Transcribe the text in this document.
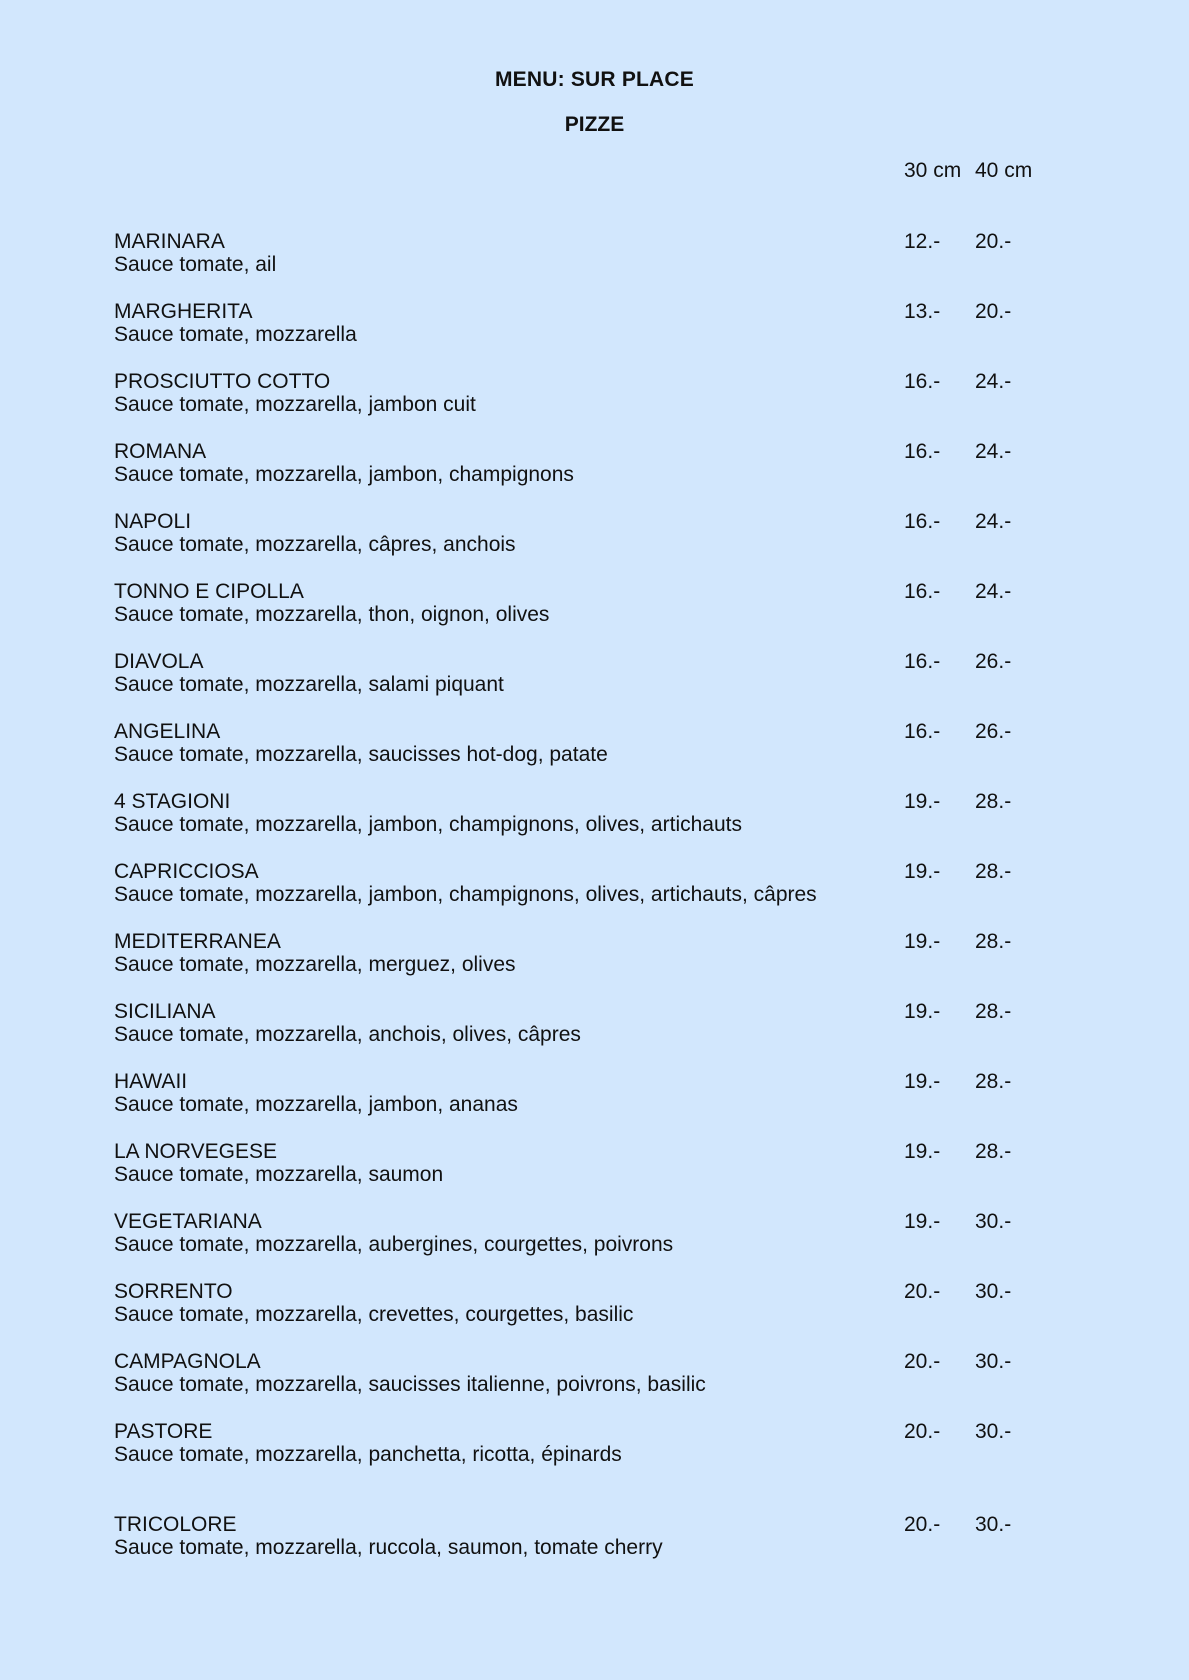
MENU: SUR PLACE
PIZZE
30 cm 40 cm
MARINARA
Sauce tomate, ail
12.- 20.-
MARGHERITA
Sauce tomate, mozzarella
13.- 20.-
PROSCIUTTO COTTO
Sauce tomate, mozzarella, jambon cuit
16.- 24.-
ROMANA
Sauce tomate, mozzarella, jambon, champignons
16.- 24.-
NAPOLI
Sauce tomate, mozzarella, câpres, anchois
16.- 24.-
TONNO E CIPOLLA
Sauce tomate, mozzarella, thon, oignon, olives
16.- 24.-
DIAVOLA
Sauce tomate, mozzarella, salami piquant
16.- 26.-
ANGELINA
Sauce tomate, mozzarella, saucisses hot-dog, patate
16.- 26.-
4 STAGIONI
Sauce tomate, mozzarella, jambon, champignons, olives, artichauts
19.- 28.-
CAPRICCIOSA
Sauce tomate, mozzarella, jambon, champignons, olives, artichauts, câpres
19.- 28.-
MEDITERRANEA
Sauce tomate, mozzarella, merguez, olives
19.- 28.-
SICILIANA
Sauce tomate, mozzarella, anchois, olives, câpres
19.- 28.-
HAWAII
Sauce tomate, mozzarella, jambon, ananas
19.- 28.-
LA NORVEGESE
Sauce tomate, mozzarella, saumon
19.- 28.-
VEGETARIANA
Sauce tomate, mozzarella, aubergines, courgettes, poivrons
19.- 30.-
SORRENTO
Sauce tomate, mozzarella, crevettes, courgettes, basilic
20.- 30.-
CAMPAGNOLA
Sauce tomate, mozzarella, saucisses italienne, poivrons, basilic
20.- 30.-
PASTORE
Sauce tomate, mozzarella, panchetta, ricotta, épinards
20.- 30.-
TRICOLORE
Sauce tomate, mozzarella, ruccola, saumon, tomate cherry
20.- 30.-
